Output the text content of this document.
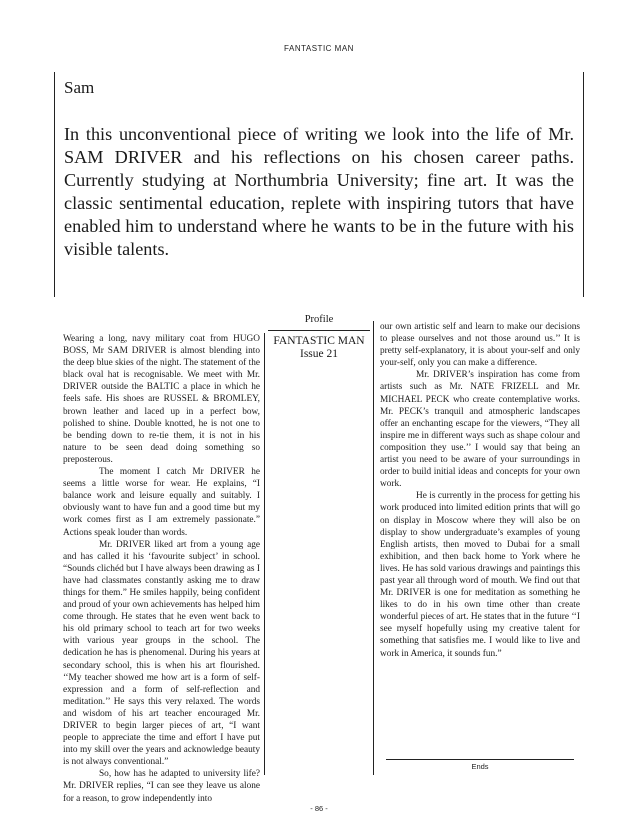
FANTASTIC MAN
Sam

In this unconventional piece of writing we look into the life of Mr. SAM DRIVER and his reflections on his chosen career paths. Currently studying at Northumbria University; fine art. It was the classic sentimental education, replete with inspiring tutors that have enabled him to understand where he wants to be in the future with his visible talents.

Wearing a long, navy military coat from HUGO BOSS, Mr SAM DRIVER is almost blending into the deep blue skies of the night. The statement of the black oval hat is recognisable. We meet with Mr. DRIVER outside the BALTIC a place in which he feels safe. His shoes are RUSSEL & BROMLEY, brown leather and laced up in a perfect bow, polished to shine. Double knotted, he is not one to be bending down to re-tie them, it is not in his nature to be seen dead doing something so preposterous.

The moment I catch Mr DRIVER he seems a little worse for wear. He explains, “I balance work and leisure equally and suitably. I obviously want to have fun and a good time but my work comes first as I am extremely passionate.” Actions speak louder than words.

Mr. DRIVER liked art from a young age and has called it his ‘favourite subject’ in school. “Sounds clichéd but I have always been drawing as I have had classmates constantly asking me to draw things for them.” He smiles happily, being confident and proud of your own achievements has helped him come through. He states that he even went back to his old primary school to teach art for two weeks with various year groups in the school. The dedication he has is phenomenal. During his years at secondary school, this is when his art flourished. ‘‘My teacher showed me how art is a form of self-expression and a form of self-reflection and meditation.’’ He says this very relaxed. The words and wisdom of his art teacher encouraged Mr. DRIVER to begin larger pieces of art, “I want people to appreciate the time and effort I have put into my skill over the years and acknowledge beauty is not always conventional.”

So, how has he adapted to university life? Mr. DRIVER replies, “I can see they leave us alone for a reason, to grow independently into

Profile
FANTASTIC MAN
Issue 21

our own artistic self and learn to make our decisions to please ourselves and not those around us.’’ It is pretty self-explanatory, it is about your-self and only your-self, only you can make a difference.

Mr. DRIVER’s inspiration has come from artists such as Mr. NATE FRIZELL and Mr. MICHAEL PECK who create contemplative works. Mr. PECK’s tranquil and atmospheric landscapes offer an enchanting escape for the viewers, “They all inspire me in different ways such as shape colour and composition they use.’’ I would say that being an artist you need to be aware of your surroundings in order to build initial ideas and concepts for your own work.

He is currently in the process for getting his work produced into limited edition prints that will go on display in Moscow where they will also be on display to show undergraduate’s examples of young English artists, then moved to Dubai for a small exhibition, and then back home to York where he lives. He has sold various drawings and paintings this past year all through word of mouth. We find out that Mr. DRIVER is one for meditation as something he likes to do in his own time other than create wonderful pieces of art. He states that in the future ‘‘I see myself hopefully using my creative talent for something that satisfies me. I would like to live and work in America, it sounds fun.”

Ends
- 86 -
